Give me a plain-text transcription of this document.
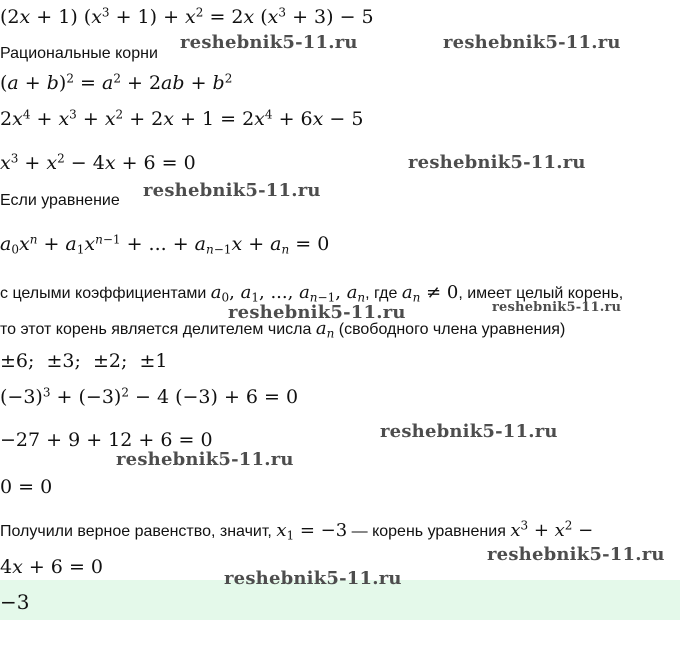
(2x + 1) $(x^3 + 1) + x^2 = 2x$ $(x^3 + 3) - 5$
Рациональные корни
$(a + b)^2 = a^2 + 2ab + b^2$
$2x^4 + x^3 + x^2 + 2x + 1 = 2x^4 + 6x - 5$
$x^3 + x^2 - 4x + 6 = 0$
Если уравнение
$a_0x^n + a_1x^{n-1}$ + ... + $a_{n-1}x + a_n = 0$
с целыми коэффициентами $a_0$, $a_1$, ..., $a_{n-1}$, $a_n$, где $a_n \ne 0$, имеет целый корень,
то этот корень является делителем числа $a_n$ (свободного члена уравнения)
±6;  ±3;  ±2;  ±1
$(-3)^3 + (-3)^2 - 4$ (−3) + 6 = 0
−27 + 9 + 12 + 6 = 0
0 = 0
Получили верное равенство, значит, $x_1 = -3$ — корень уравнения $x^3 + x^2$ −
4x + 6 = 0
−3
reshebnik5-11.ru	reshebnik5-11.ru
reshebnik5-11.ru
reshebnik5-11.ru
reshebnik5-11.ru	reshebnik5-11.ru
reshebnik5-11.ru
reshebnik5-11.ru
reshebnik5-11.ru
reshebnik5-11.ru
